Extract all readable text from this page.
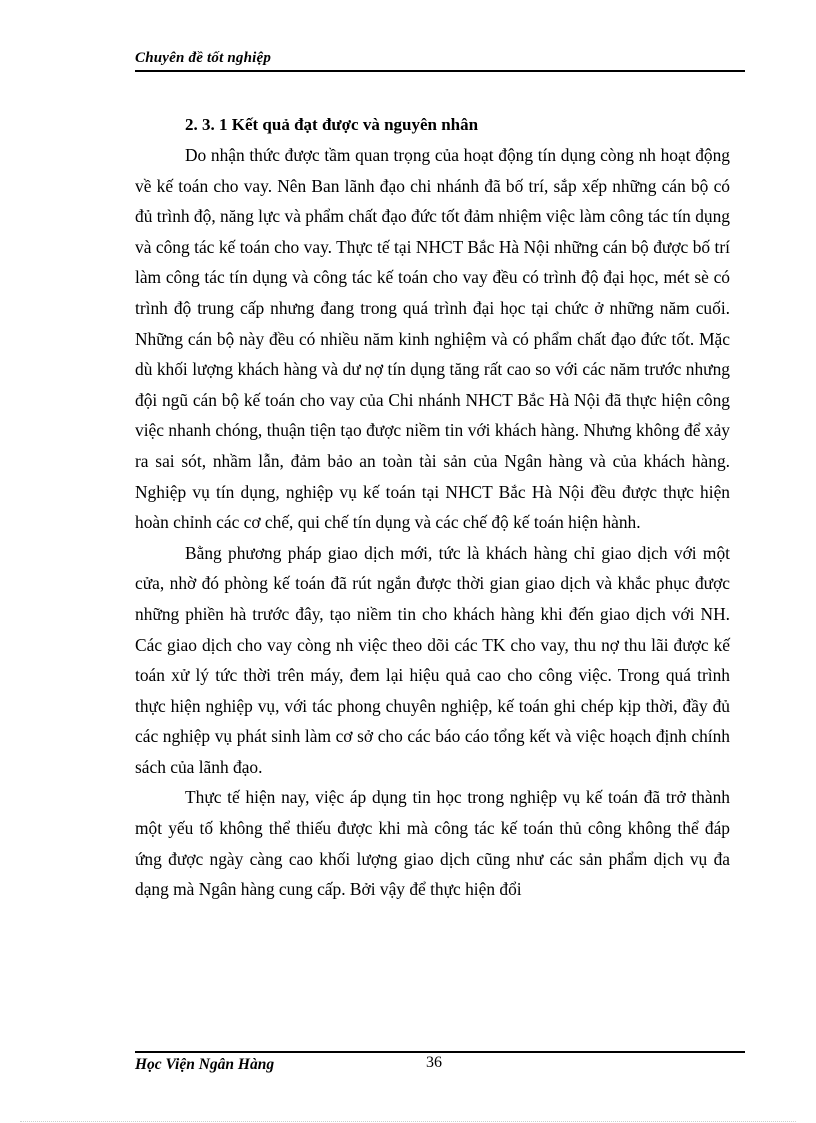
Chuyên đề tốt nghiệp
2. 3. 1 Kết quả đạt được và nguyên nhân

Do nhận thức được tầm quan trọng của hoạt động tín dụng còng nh hoạt động về kế toán cho vay. Nên Ban lãnh đạo chi nhánh đã bố trí, sắp xếp những cán bộ có đủ trình độ, năng lực và phẩm chất đạo đức tốt đảm nhiệm việc làm công tác tín dụng và công tác kế toán cho vay. Thực tế tại NHCT Bắc Hà Nội những cán bộ được bố trí làm công tác tín dụng và công tác kế toán cho vay đều có trình độ đại học, mét sè có trình độ trung cấp nhưng đang trong quá trình đại học tại chức ở những năm cuối. Những cán bộ này đều có nhiều năm kinh nghiệm và có phẩm chất đạo đức tốt. Mặc dù khối lượng khách hàng và dư nợ tín dụng tăng rất cao so với các năm trước nhưng đội ngũ cán bộ kế toán cho vay của Chi nhánh NHCT Bắc Hà Nội đã thực hiện công việc nhanh chóng, thuận tiện tạo được niềm tin với khách hàng. Nhưng không để xảy ra sai sót, nhầm lẫn, đảm bảo an toàn tài sản của Ngân hàng và của khách hàng. Nghiệp vụ tín dụng, nghiệp vụ kế toán tại NHCT Bắc Hà Nội đều được thực hiện hoàn chỉnh các cơ chế, qui chế tín dụng và các chế độ kế toán hiện hành.

Bằng phương pháp giao dịch mới, tức là khách hàng chỉ giao dịch với một cửa, nhờ đó phòng kế toán đã rút ngắn được thời gian giao dịch và khắc phục được những phiền hà trước đây, tạo niềm tin cho khách hàng khi đến giao dịch với NH. Các giao dịch cho vay còng nh việc theo dõi các TK cho vay, thu nợ thu lãi được kế toán xử lý tức thời trên máy, đem lại hiệu quả cao cho công việc. Trong quá trình thực hiện nghiệp vụ, với tác phong chuyên nghiệp, kế toán ghi chép kịp thời, đầy đủ các nghiệp vụ phát sinh làm cơ sở cho các báo cáo tổng kết và việc hoạch định chính sách của lãnh đạo.

Thực tế hiện nay, việc áp dụng tin học trong nghiệp vụ kế toán đã trở thành một yếu tố không thể thiếu được khi mà công tác kế toán thủ công không thể đáp ứng được ngày càng cao khối lượng giao dịch cũng như các sản phẩm dịch vụ đa dạng mà Ngân hàng cung cấp. Bởi vậy để thực hiện đổi

Học Viện Ngân Hàng	36
